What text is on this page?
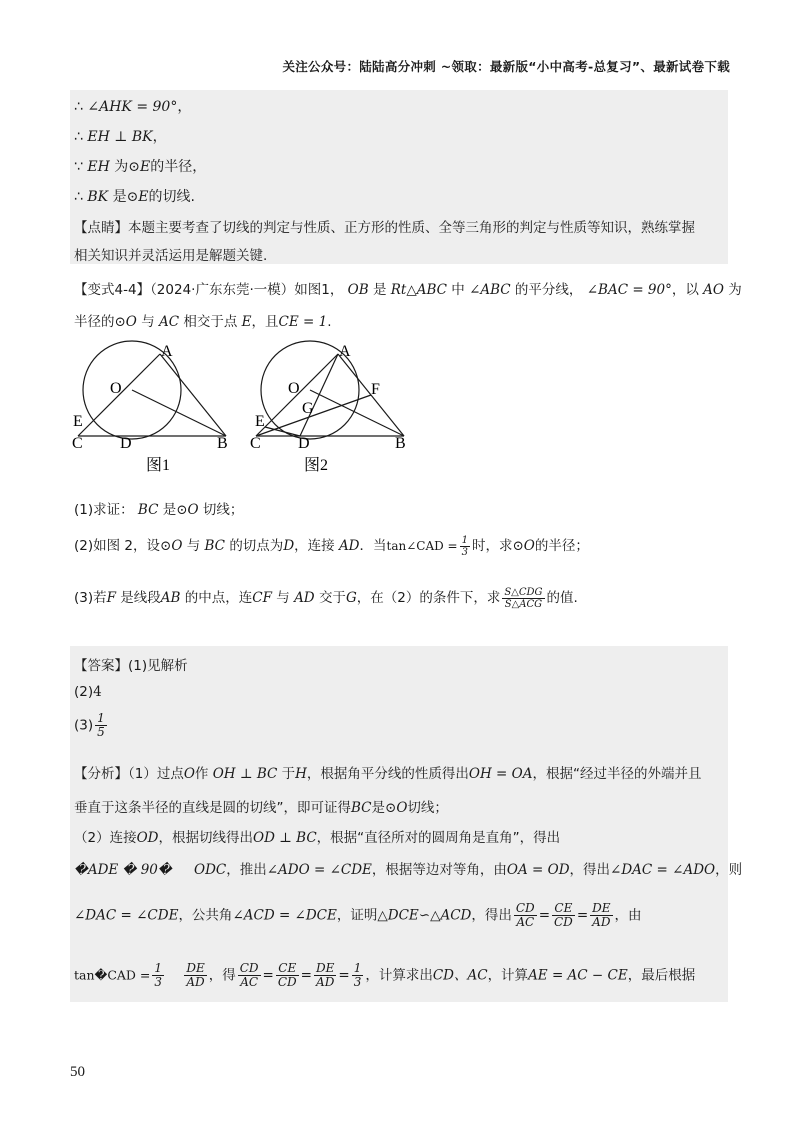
关注公众号：陆陆高分冲刺 ~领取：最新版“小中高考-总复习”、最新试卷下载
∴ ∠AHK = 90°，
∴ EH ⊥ BK，
∵ EH 为⊙E的半径，
∴ BK 是⊙E的切线.
【点睛】本题主要考查了切线的判定与性质、正方形的性质、全等三角形的判定与性质等知识，熟练掌握
相关知识并灵活运用是解题关键.
【变式4-4】（2024·广东东莞·一模）如图1， OB 是 Rt△ABC 中 ∠ABC 的平分线， ∠BAC = 90°，以 AO 为
半径的⊙O 与 AC 相交于点 E，且CE = 1.
A
O
E
C D	B
图1
A
O	F
G
E
C D	B
图2
(1)求证： BC 是⊙O 切线；
(2)如图 2，设⊙O 与 BC 的切点为D，连接 AD．当tan∠CAD = $\frac{1}{3}$ 时，求⊙O的半径；
(3)若F 是线段AB 的中点，连CF 与 AD 交于G，在（2）的条件下，求 $\frac{\text{S△CDG}}{\text{S△ACG}}$ 的值.
【答案】(1)见解析
(2)4
$(3) \frac{1}{5}$
【分析】（1）过点O作 OH ⊥ BC 于H，根据角平分线的性质得出OH = OA，根据“经过半径的外端并且
垂直于这条半径的直线是圆的切线”，即可证得BC是⊙O切线；
（2）连接OD，根据切线得出OD ⊥ BC，根据“直径所对的圆周角是直角”，得出
�ADE � 90� ODC，推出∠ADO = ∠CDE，根据等边对等角，由OA = OD，得出∠DAC = ∠ADO，则
∠DAC = ∠CDE，公共角∠ACD = ∠DCE，证明△DCE∽△ACD，得出 $\frac{CD}{AC} = \frac{CE}{CD} = \frac{DE}{AD}$ ，由
tan�CAD = $\frac{1}{3}$
$\frac{DE}{AD}$ ，得 $\frac{CD}{AC} = \frac{CE}{CD} = \frac{DE}{AD} = \frac{1}{3}$ ，计算求出CD、AC，计算AE = AC − CE，最后根据
50
